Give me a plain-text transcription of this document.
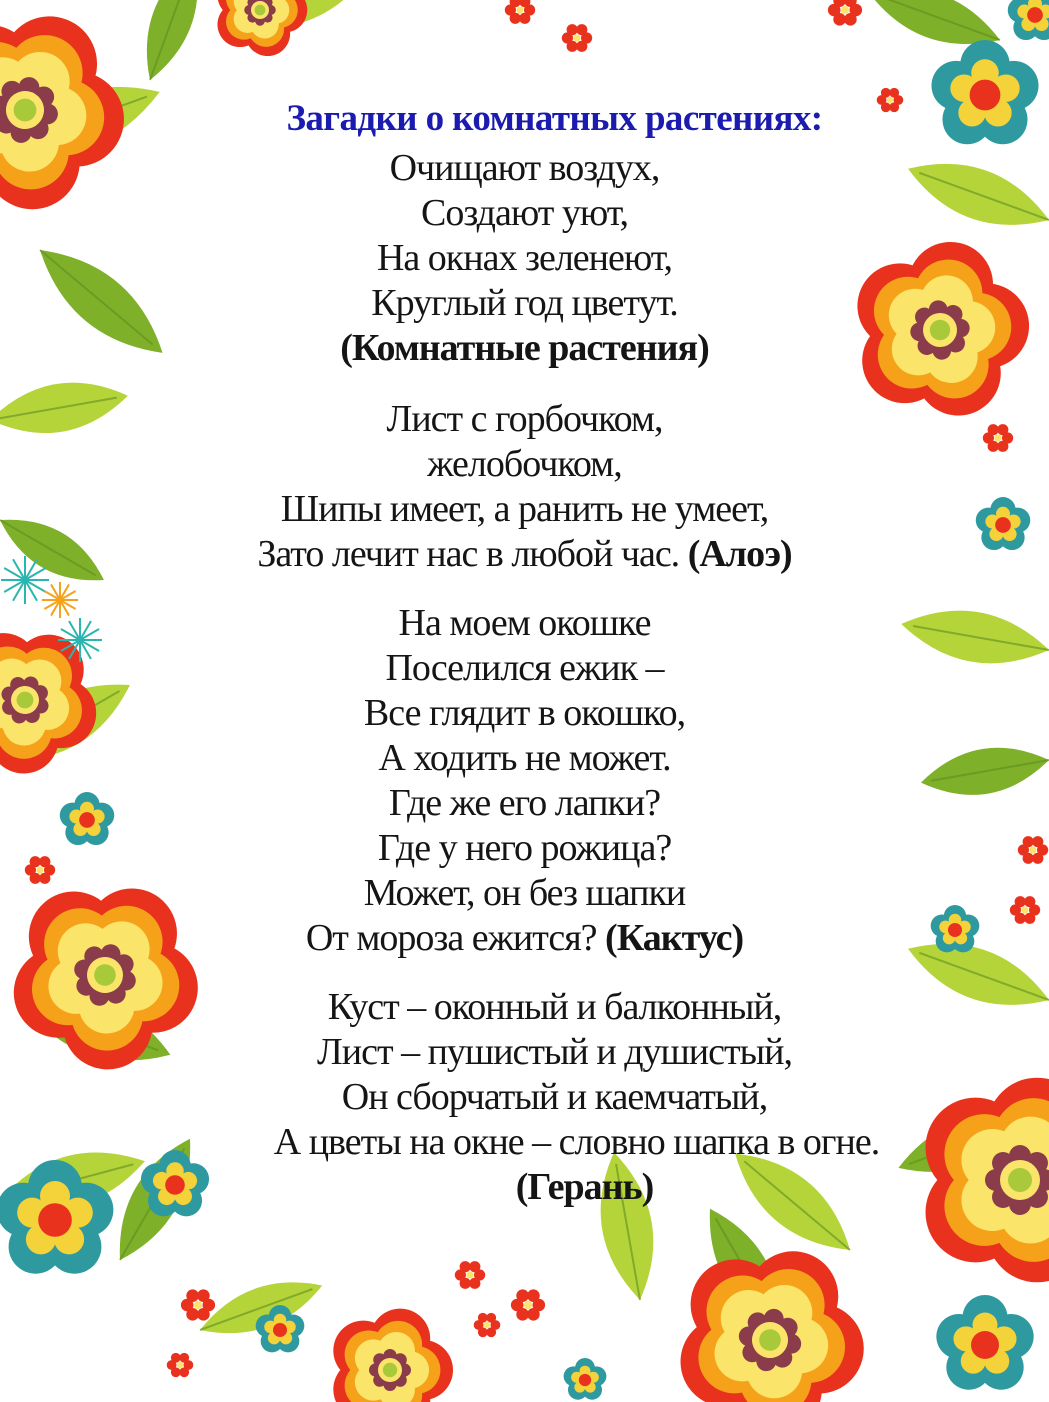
Загадки о комнатных растениях:
Очищают воздух,
Создают уют,
На окнах зеленеют,
Круглый год цветут.
(Комнатные растения)
Лист с горбочком,
желобочком,
Шипы имеет, а ранить не умеет,
Зато лечит нас в любой час. (Алоэ)
На моем окошке
Поселился ежик –
Все глядит в окошко,
А ходить не может.
Где же его лапки?
Где у него рожица?
Может, он без шапки
От мороза ежится? (Кактус)
Куст – оконный и балконный,
Лист – пушистый и душистый,
Он сборчатый и каемчатый,
А цветы на окне – словно шапка в огне.
(Герань)
